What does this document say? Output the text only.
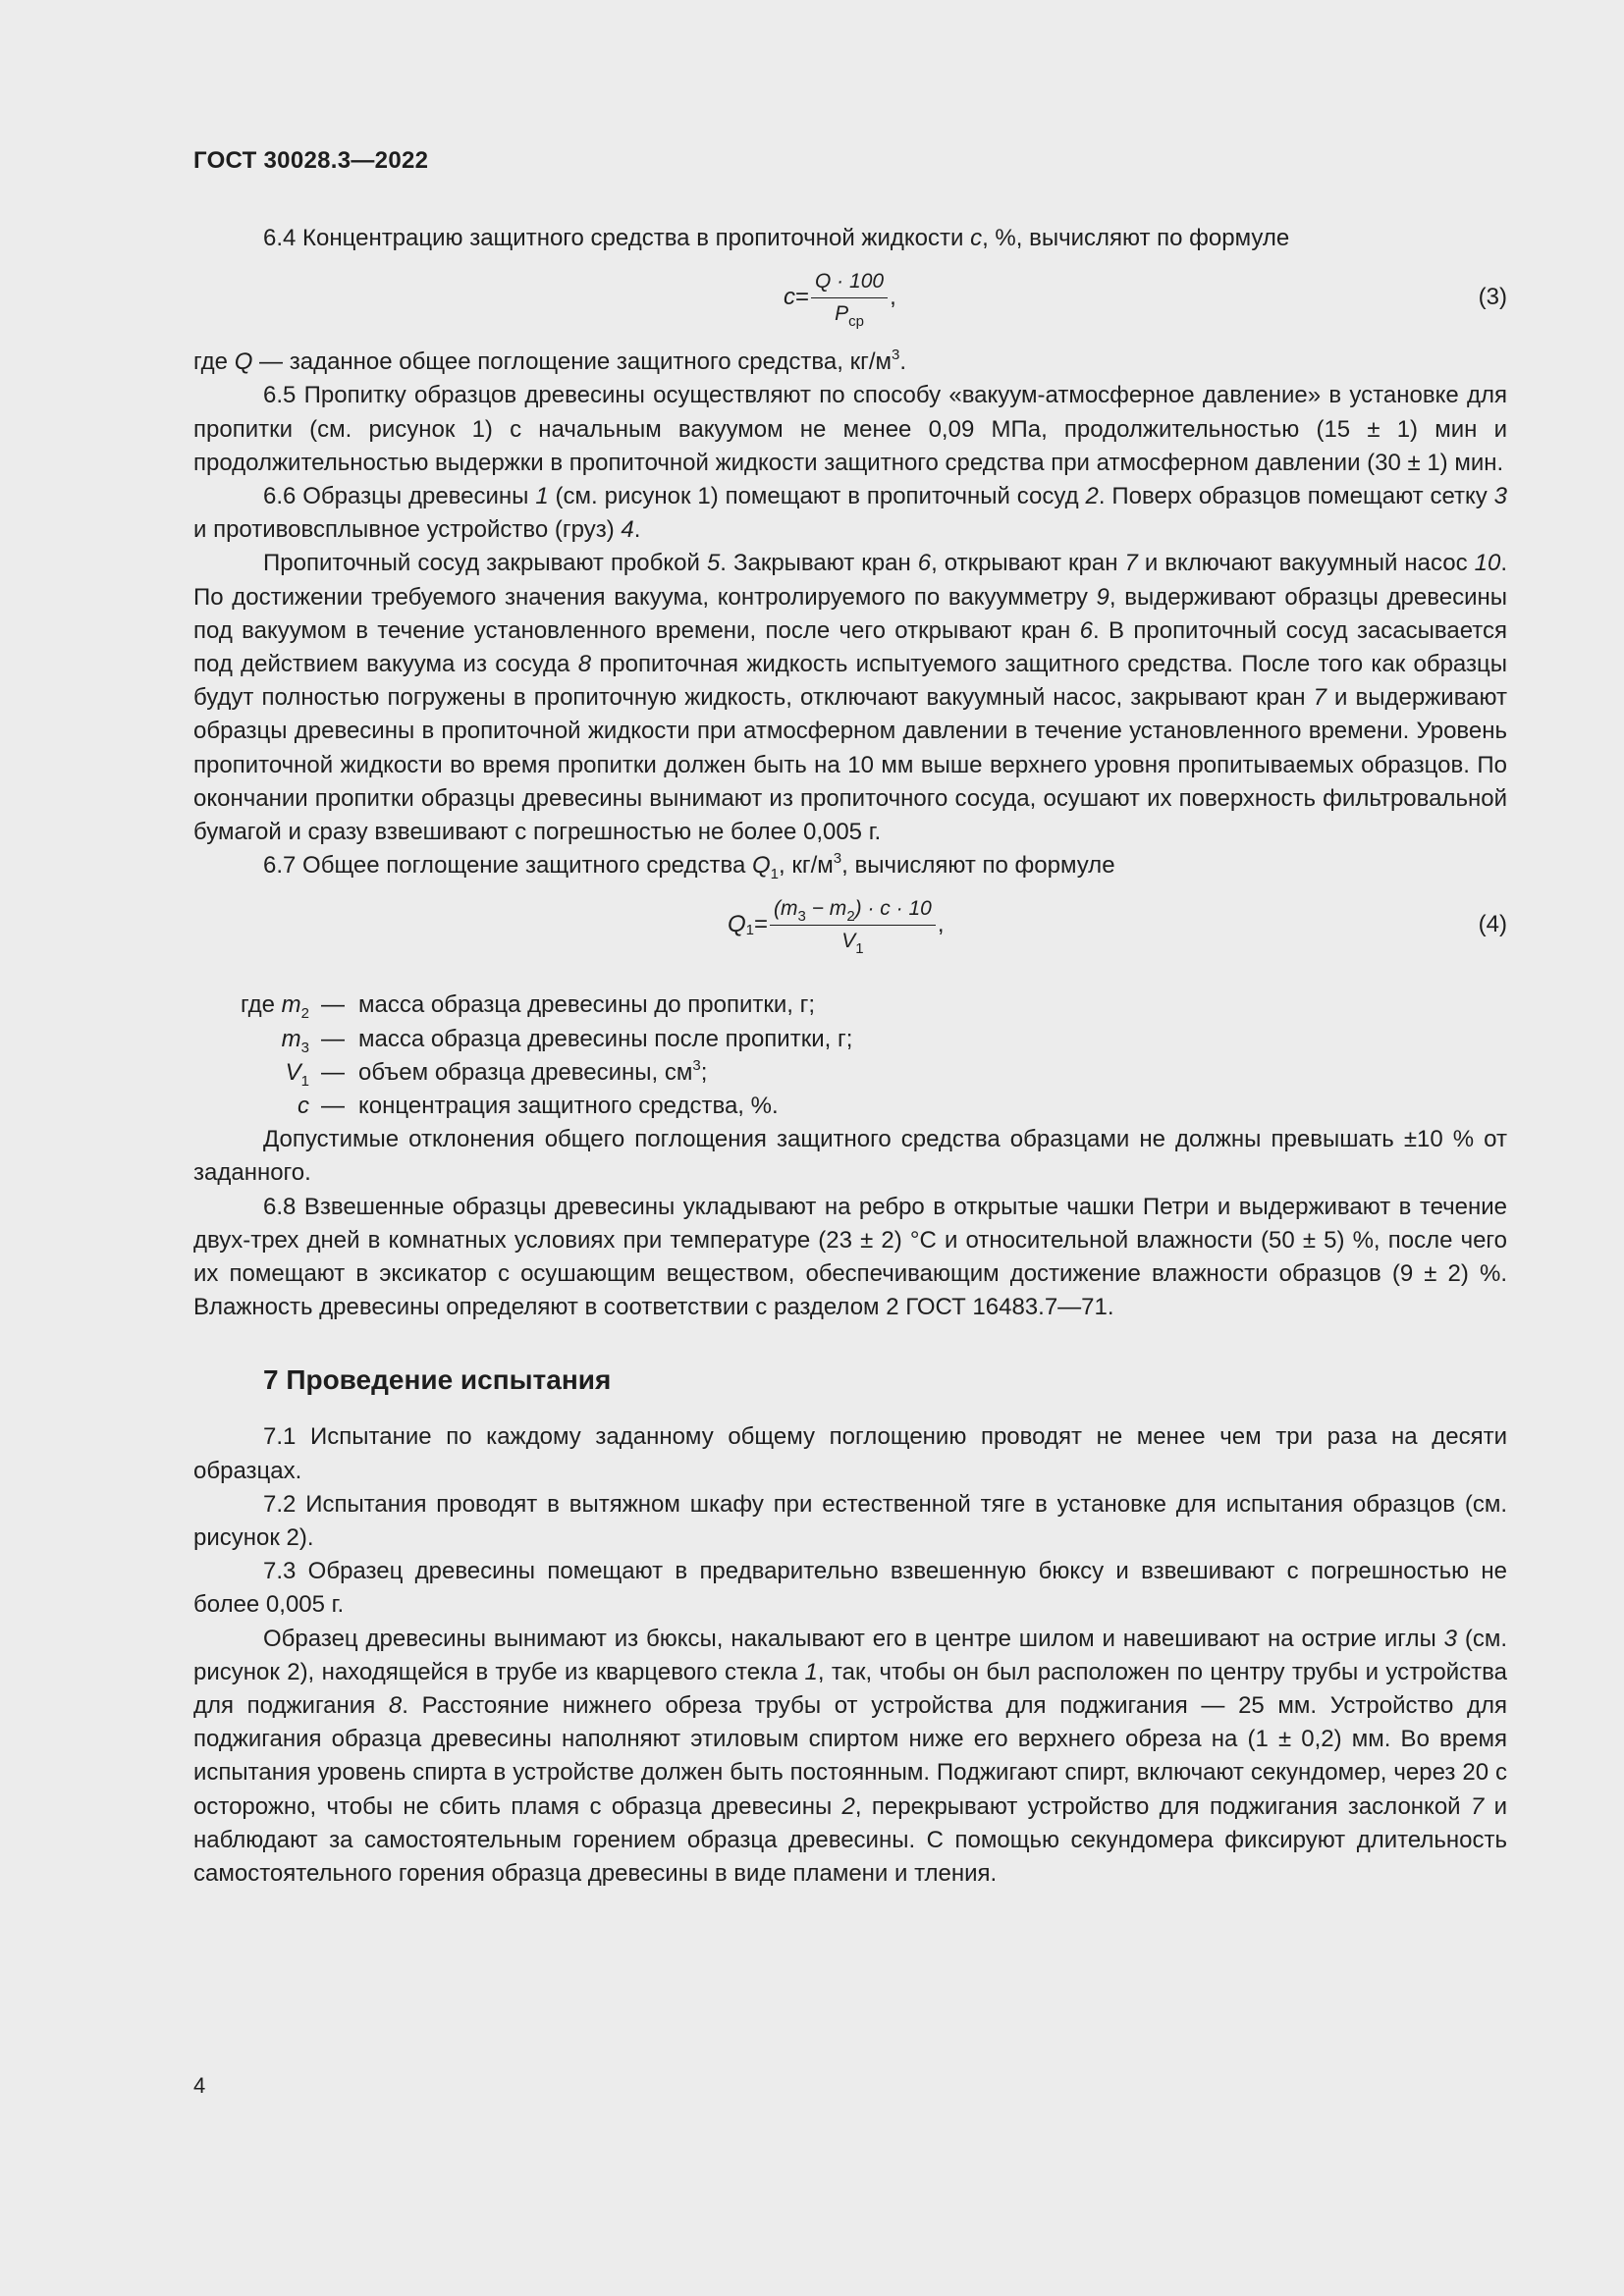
ГОСТ 30028.3—2022

6.4 Концентрацию защитного средства в пропиточной жидкости c, %, вычисляют по формуле

$c = \frac{Q \cdot 100}{P_{ср}}$ ,	(3)

где Q — заданное общее поглощение защитного средства, $кг/м^3$.

6.5 Пропитку образцов древесины осуществляют по способу «вакуум-атмосферное давление» в установке для пропитки (см. рисунок 1) с начальным вакуумом не менее 0,09 МПа, продолжительностью (15 ± 1) мин и продолжительностью выдержки в пропиточной жидкости защитного средства при атмосферном давлении (30 ± 1) мин.

6.6 Образцы древесины 1 (см. рисунок 1) помещают в пропиточный сосуд 2. Поверх образцов помещают сетку 3 и противовсплывное устройство (груз) 4.

Пропиточный сосуд закрывают пробкой 5. Закрывают кран 6, открывают кран 7 и включают вакуумный насос 10. По достижении требуемого значения вакуума, контролируемого по вакуумметру 9, выдерживают образцы древесины под вакуумом в течение установленного времени, после чего открывают кран 6. В пропиточный сосуд засасывается под действием вакуума из сосуда 8 пропиточная жидкость испытуемого защитного средства. После того как образцы будут полностью погружены в пропиточную жидкость, отключают вакуумный насос, закрывают кран 7 и выдерживают образцы древесины в пропиточной жидкости при атмосферном давлении в течение установленного времени. Уровень пропиточной жидкости во время пропитки должен быть на 10 мм выше верхнего уровня пропитываемых образцов. По окончании пропитки образцы древесины вынимают из пропиточного сосуда, осушают их поверхность фильтровальной бумагой и сразу взвешивают с погрешностью не более 0,005 г.

6.7 Общее поглощение защитного средства $Q_1$, $кг/м^3$, вычисляют по формуле

$Q_1 = \frac{(m_3 - m_2) \cdot c \cdot 10}{V_1}$ ,	(4)
где $m_2$ — масса образца древесины до пропитки, г;
$m_3$ — масса образца древесины после пропитки, г;
$V_1$ — объем образца древесины, $см^3$;
c — концентрация защитного средства, %.

Допустимые отклонения общего поглощения защитного средства образцами не должны превышать ±10 % от заданного.

6.8 Взвешенные образцы древесины укладывают на ребро в открытые чашки Петри и выдерживают в течение двух-трех дней в комнатных условиях при температуре (23 ± 2) °С и относительной влажности (50 ± 5) %, после чего их помещают в эксикатор с осушающим веществом, обеспечивающим достижение влажности образцов (9 ± 2) %. Влажность древесины определяют в соответствии с разделом 2 ГОСТ 16483.7—71.

7 Проведение испытания

7.1 Испытание по каждому заданному общему поглощению проводят не менее чем три раза на десяти образцах.

7.2 Испытания проводят в вытяжном шкафу при естественной тяге в установке для испытания образцов (см. рисунок 2).

7.3 Образец древесины помещают в предварительно взвешенную бюксу и взвешивают с погрешностью не более 0,005 г.

Образец древесины вынимают из бюксы, накалывают его в центре шилом и навешивают на острие иглы 3 (см. рисунок 2), находящейся в трубе из кварцевого стекла 1, так, чтобы он был расположен по центру трубы и устройства для поджигания 8. Расстояние нижнего обреза трубы от устройства для поджигания — 25 мм. Устройство для поджигания образца древесины наполняют этиловым спиртом ниже его верхнего обреза на (1 ± 0,2) мм. Во время испытания уровень спирта в устройстве должен быть постоянным. Поджигают спирт, включают секундомер, через 20 с осторожно, чтобы не сбить пламя с образца древесины 2, перекрывают устройство для поджигания заслонкой 7 и наблюдают за самостоятельным горением образца древесины. С помощью секундомера фиксируют длительность самостоятельного горения образца древесины в виде пламени и тления.

4
